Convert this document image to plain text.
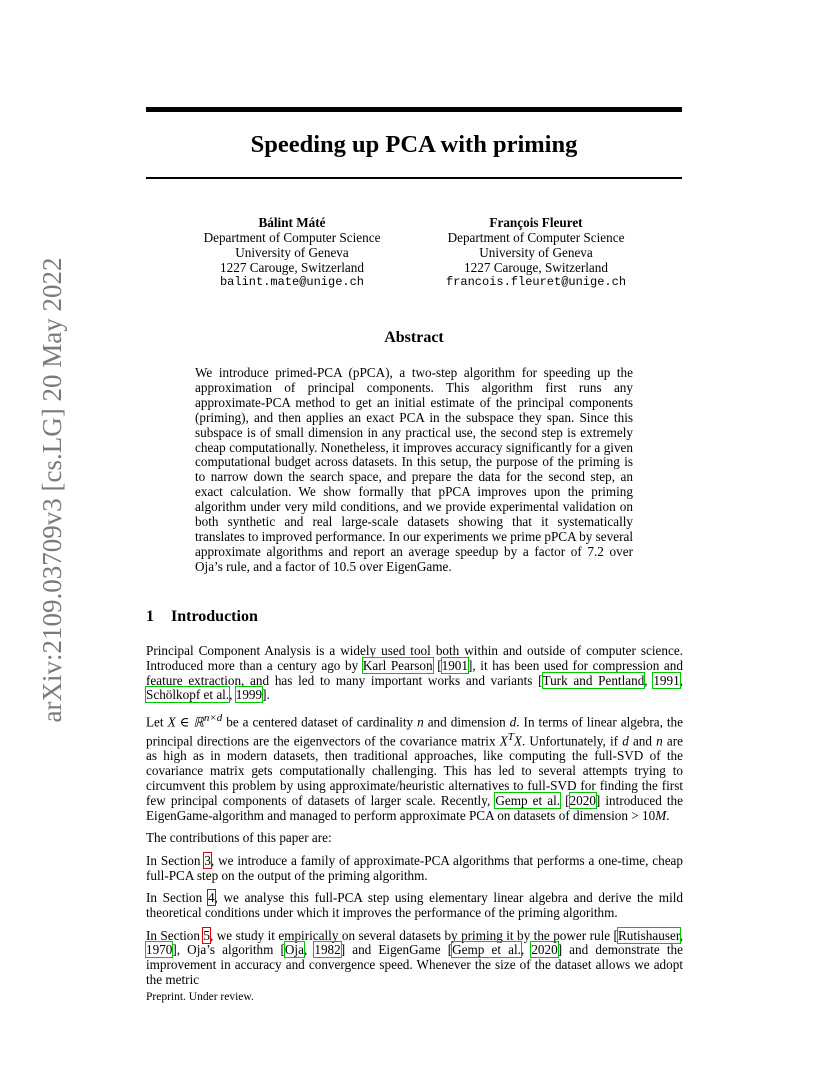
Speeding up PCA with priming
arXiv:2109.03709v3 [cs.LG] 20 May 2022
Bálint Máté
Department of Computer Science
University of Geneva
1227 Carouge, Switzerland
balint.mate@unige.ch
François Fleuret
Department of Computer Science
University of Geneva
1227 Carouge, Switzerland
francois.fleuret@unige.ch
Abstract

We introduce primed-PCA (pPCA), a two-step algorithm for speeding up the approximation of principal components. This algorithm first runs any approximate-PCA method to get an initial estimate of the principal components (priming), and then applies an exact PCA in the subspace they span. Since this subspace is of small dimension in any practical use, the second step is extremely cheap computationally. Nonetheless, it improves accuracy significantly for a given computational budget across datasets. In this setup, the purpose of the priming is to narrow down the search space, and prepare the data for the second step, an exact calculation. We show formally that pPCA improves upon the priming algorithm under very mild conditions, and we provide experimental validation on both synthetic and real large-scale datasets showing that it systematically translates to improved performance. In our experiments we prime pPCA by several approximate algorithms and report an average speedup by a factor of 7.2 over Oja’s rule, and a factor of 10.5 over EigenGame.

1 Introduction

Principal Component Analysis is a widely used tool both within and outside of computer science. Introduced more than a century ago by Karl Pearson [1901], it has been used for compression and feature extraction, and has led to many important works and variants [Turk and Pentland, 1991, Schölkopf et al., 1999].

Let X ∈ ℝ$^{n\times d}$ be a centered dataset of cardinality n and dimension d. In terms of linear algebra, the principal directions are the eigenvectors of the covariance matrix $X^TX$. Unfortunately, if d and n are as high as in modern datasets, then traditional approaches, like computing the full-SVD of the covariance matrix gets computationally challenging. This has led to several attempts trying to circumvent this problem by using approximate/heuristic alternatives to full-SVD for finding the first few principal components of datasets of larger scale. Recently, Gemp et al. [2020] introduced the EigenGame-algorithm and managed to perform approximate PCA on datasets of dimension > 10M.

The contributions of this paper are:

In Section 3, we introduce a family of approximate-PCA algorithms that performs a one-time, cheap full-PCA step on the output of the priming algorithm.

In Section 4, we analyse this full-PCA step using elementary linear algebra and derive the mild theoretical conditions under which it improves the performance of the priming algorithm.

In Section 5, we study it empirically on several datasets by priming it by the power rule [Rutishauser, 1970], Oja’s algorithm [Oja, 1982] and EigenGame [Gemp et al., 2020] and demonstrate the improvement in accuracy and convergence speed. Whenever the size of the dataset allows we adopt the metric

Preprint. Under review.
